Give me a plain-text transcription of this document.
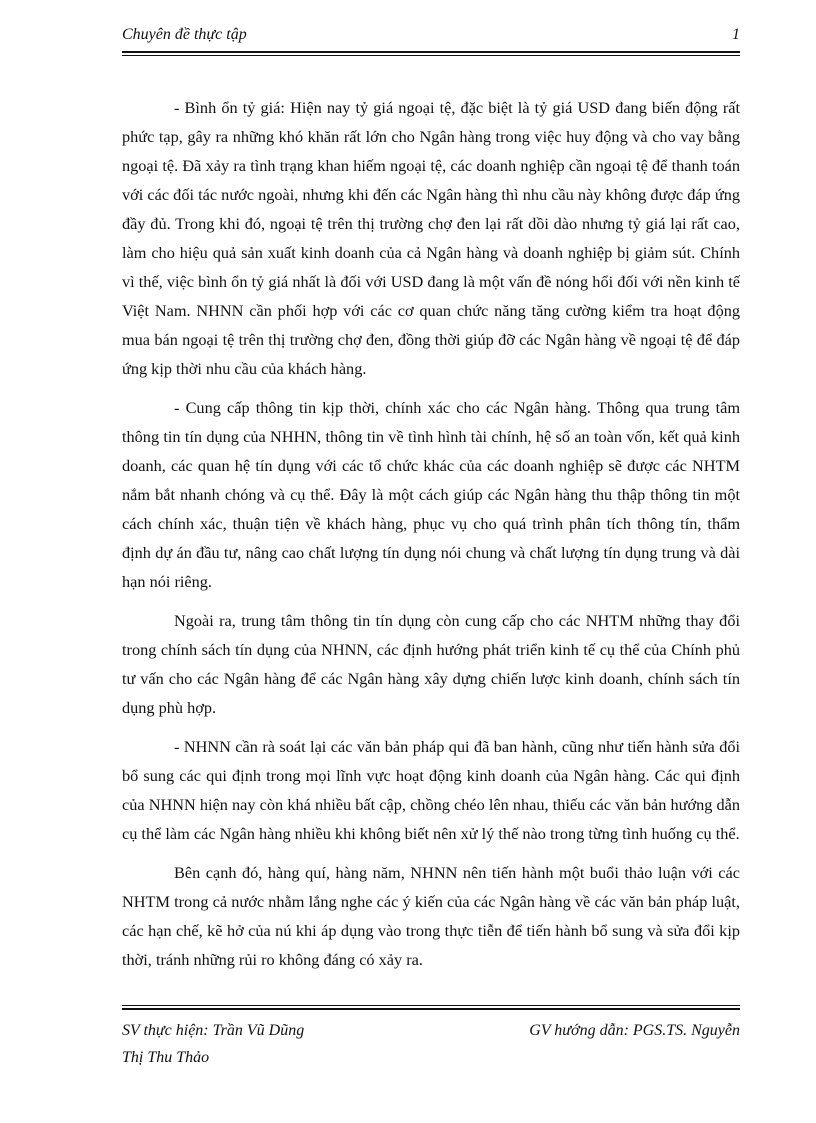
Chuyên đề thực tập	1

- Bình ổn tỷ giá: Hiện nay tỷ giá ngoại tệ, đặc biệt là tỷ giá USD đang biến động rất phức tạp, gây ra những khó khăn rất lớn cho Ngân hàng trong việc huy động và cho vay bằng ngoại tệ. Đã xảy ra tình trạng khan hiếm ngoại tệ, các doanh nghiệp cần ngoại tệ để thanh toán với các đối tác nước ngoài, nhưng khi đến các Ngân hàng thì nhu cầu này không được đáp ứng đầy đủ. Trong khi đó, ngoại tệ trên thị trường chợ đen lại rất dồi dào nhưng tỷ giá lại rất cao, làm cho hiệu quả sản xuất kinh doanh của cả Ngân hàng và doanh nghiệp bị giảm sút. Chính vì thế, việc bình ổn tỷ giá nhất là đối với USD đang là một vấn đề nóng hổi đối với nền kinh tế Việt Nam. NHNN cần phối hợp với các cơ quan chức năng tăng cường kiểm tra hoạt động mua bán ngoại tệ trên thị trường chợ đen, đồng thời giúp đỡ các Ngân hàng về ngoại tệ để đáp ứng kịp thời nhu cầu của khách hàng.

- Cung cấp thông tin kịp thời, chính xác cho các Ngân hàng. Thông qua trung tâm thông tin tín dụng của NHHN, thông tin về tình hình tài chính, hệ số an toàn vốn, kết quả kinh doanh, các quan hệ tín dụng với các tổ chức khác của các doanh nghiệp sẽ được các NHTM nắm bắt nhanh chóng và cụ thể. Đây là một cách giúp các Ngân hàng thu thập thông tin một cách chính xác, thuận tiện về khách hàng, phục vụ cho quá trình phân tích thông tín, thẩm định dự án đầu tư, nâng cao chất lượng tín dụng nói chung và chất lượng tín dụng trung và dài hạn nói riêng.

Ngoài ra, trung tâm thông tin tín dụng còn cung cấp cho các NHTM những thay đổi trong chính sách tín dụng của NHNN, các định hướng phát triển kinh tế cụ thể của Chính phủ tư vấn cho các Ngân hàng để các Ngân hàng xây dựng chiến lược kinh doanh, chính sách tín dụng phù hợp.

- NHNN cần rà soát lại các văn bản pháp qui đã ban hành, cũng như tiến hành sửa đổi bổ sung các qui định trong mọi lĩnh vực hoạt động kinh doanh của Ngân hàng. Các qui định của NHNN hiện nay còn khá nhiều bất cập, chồng chéo lên nhau, thiếu các văn bản hướng dẫn cụ thể làm các Ngân hàng nhiều khi không biết nên xử lý thế nào trong từng tình huống cụ thể.

Bên cạnh đó, hàng quí, hàng năm, NHNN nên tiến hành một buổi thảo luận với các NHTM trong cả nước nhằm lắng nghe các ý kiến của các Ngân hàng về các văn bản pháp luật, các hạn chế, kẽ hở của nú khi áp dụng vào trong thực tiễn để tiến hành bổ sung và sửa đổi kịp thời, tránh những rủi ro không đáng có xảy ra.

SV thực hiện: Trần Vũ Dũng	GV hướng dẫn: PGS.TS. Nguyễn
Thị Thu Thảo
